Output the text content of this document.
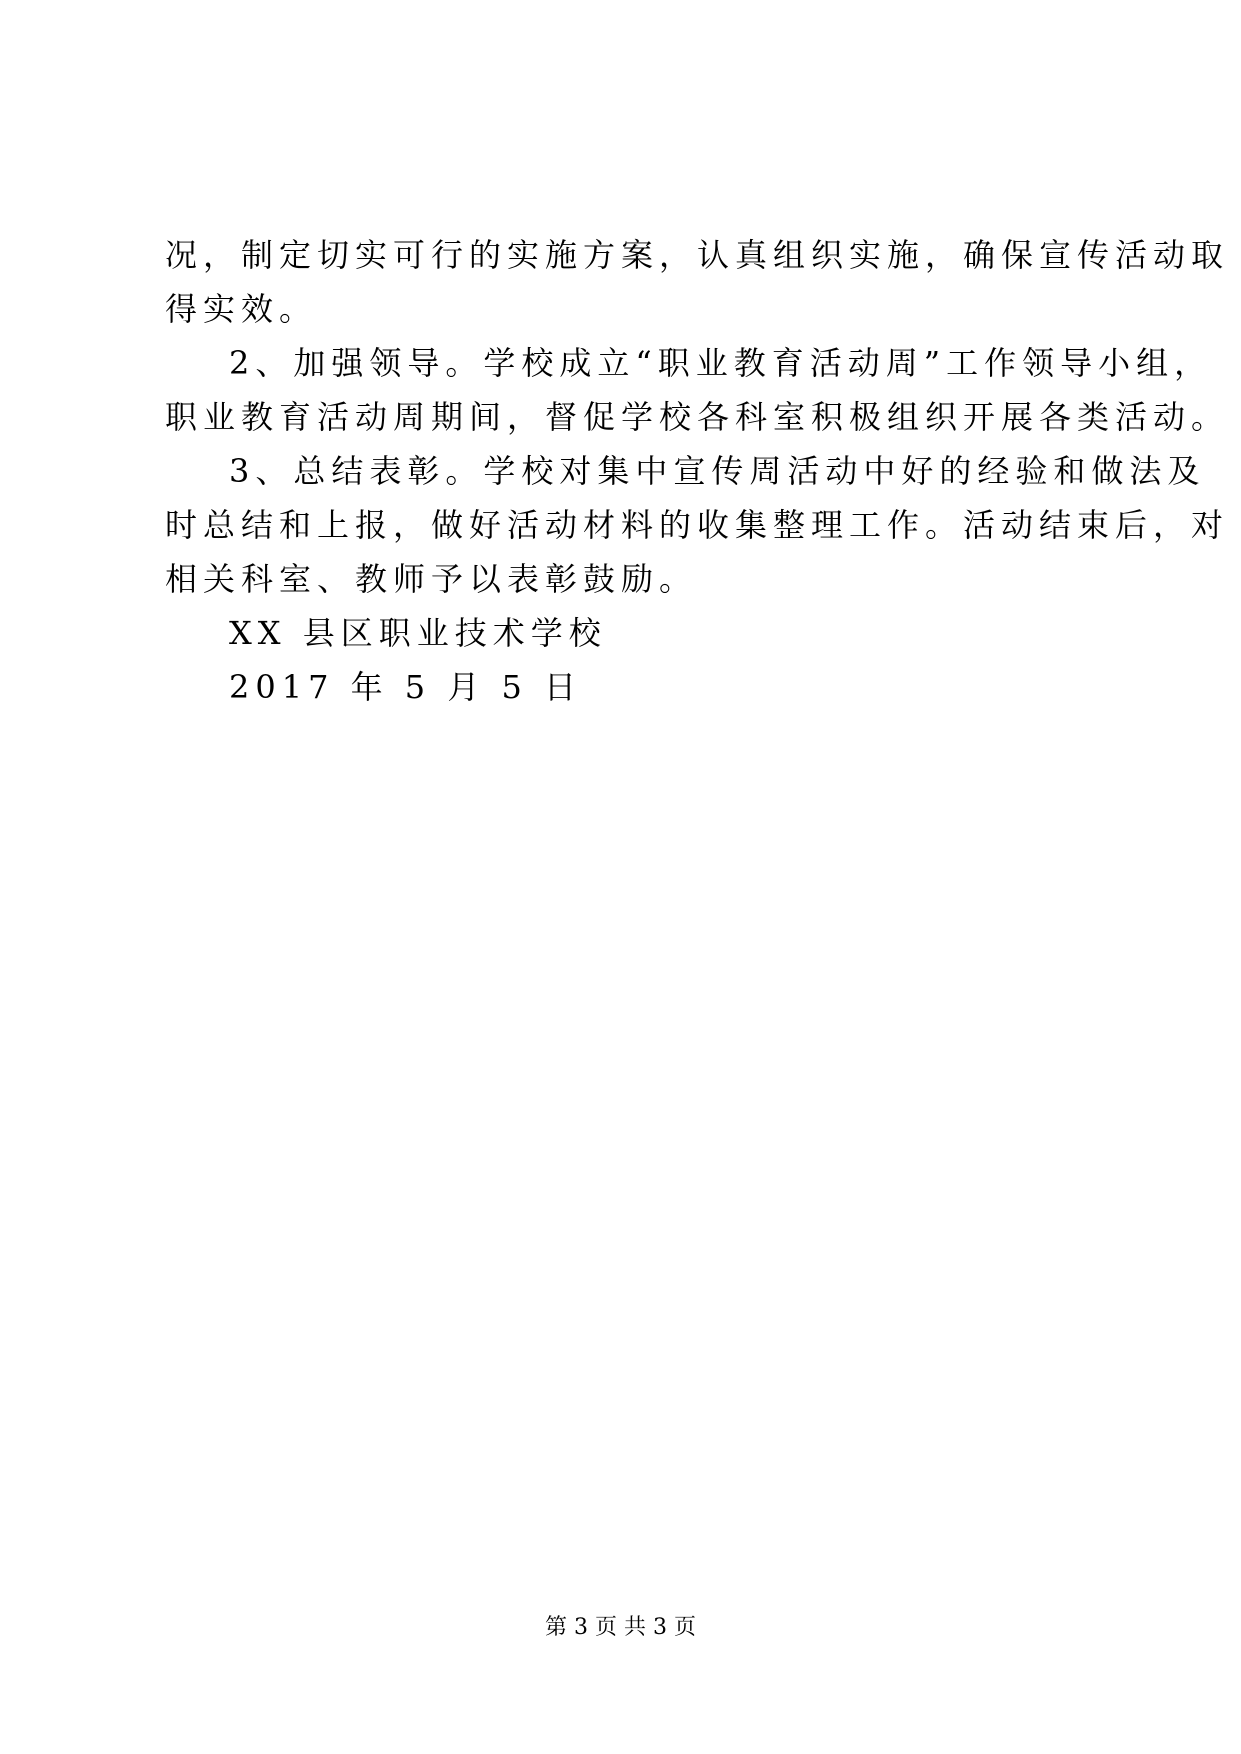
况，制定切实可行的实施方案，认真组织实施，确保宣传活动取
得实效。
2、加强领导。学校成立“职业教育活动周”工作领导小组，
职业教育活动周期间，督促学校各科室积极组织开展各类活动。
3、总结表彰。学校对集中宣传周活动中好的经验和做法及
时总结和上报，做好活动材料的收集整理工作。活动结束后，对
相关科室、教师予以表彰鼓励。
XX 县区职业技术学校
2017 年 5 月 5 日
第 3 页 共 3 页
